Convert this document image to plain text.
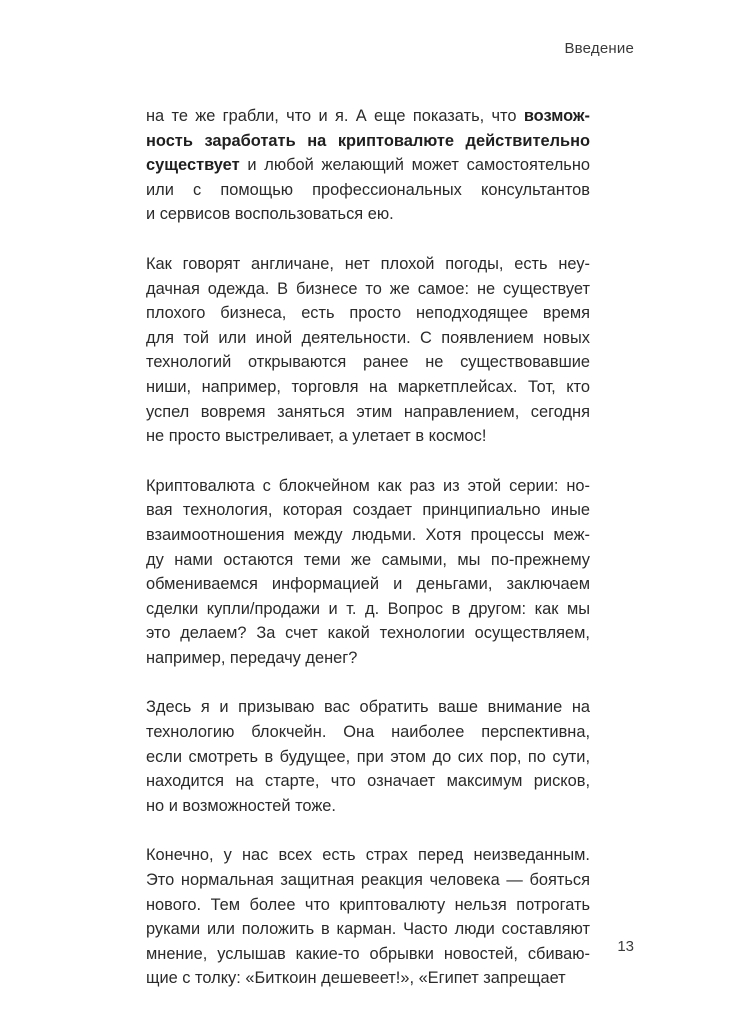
Введение
на те же грабли, что и я. А еще показать, что возмож-
ность заработать на криптовалюте действительно
существует и любой желающий может самостоятельно
или с помощью профессиональных консультантов
и сервисов воспользоваться ею.
Как говорят англичане, нет плохой погоды, есть неу-
дачная одежда. В бизнесе то же самое: не существует
плохого бизнеса, есть просто неподходящее время
для той или иной деятельности. С появлением новых
технологий открываются ранее не существовавшие
ниши, например, торговля на маркетплейсах. Тот, кто
успел вовремя заняться этим направлением, сегодня
не просто выстреливает, а улетает в космос!
Криптовалюта с блокчейном как раз из этой серии: но-
вая технология, которая создает принципиально иные
взаимоотношения между людьми. Хотя процессы меж-
ду нами остаются теми же самыми, мы по-прежнему
обмениваемся информацией и деньгами, заключаем
сделки купли/продажи и т. д. Вопрос в другом: как мы
это делаем? За счет какой технологии осуществляем,
например, передачу денег?
Здесь я и призываю вас обратить ваше внимание на
технологию блокчейн. Она наиболее перспективна,
если смотреть в будущее, при этом до сих пор, по сути,
находится на старте, что означает максимум рисков,
но и возможностей тоже.
Конечно, у нас всех есть страх перед неизведанным.
Это нормальная защитная реакция человека — бояться
нового. Тем более что криптовалюту нельзя потрогать
руками или положить в карман. Часто люди составляют
мнение, услышав какие-то обрывки новостей, сбиваю-
щие с толку: «Биткоин дешевеет!», «Египет запрещает
13
